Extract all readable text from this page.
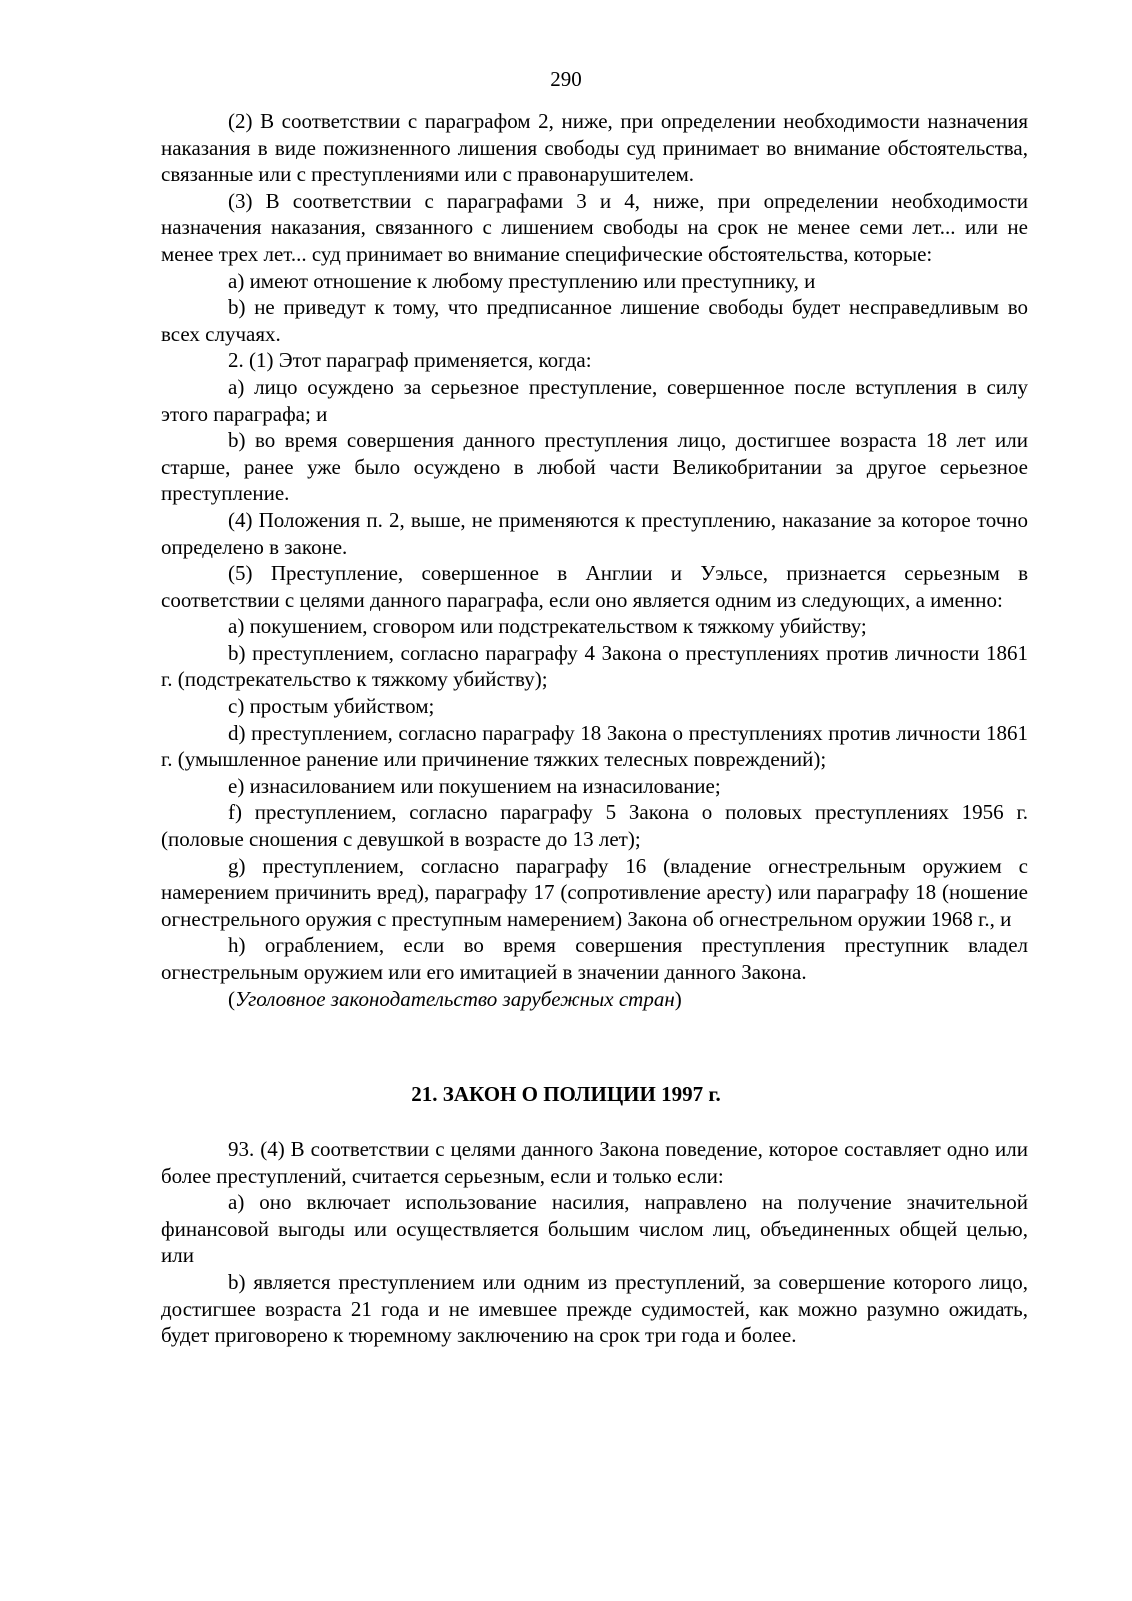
290

(2) В соответствии с параграфом 2, ниже, при определении необходимости назначения наказания в виде пожизненного лишения свободы суд принимает во внимание обстоятельства, связанные или с преступлениями или с правонарушителем.

(3) В соответствии с параграфами 3 и 4, ниже, при определении необходимости назначения наказания, связанного с лишением свободы на срок не менее семи лет... или не менее трех лет... суд принимает во внимание специфические обстоятельства, которые:

a) имеют отношение к любому преступлению или преступнику, и

b) не приведут к тому, что предписанное лишение свободы будет несправедливым во всех случаях.

2. (1) Этот параграф применяется, когда:

a) лицо осуждено за серьезное преступление, совершенное после вступления в силу этого параграфа; и

b) во время совершения данного преступления лицо, достигшее возраста 18 лет или старше, ранее уже было осуждено в любой части Великобритании за другое серьезное преступление.

(4) Положения п. 2, выше, не применяются к преступлению, наказание за которое точно определено в законе.

(5) Преступление, совершенное в Англии и Уэльсе, признается серьезным в соответствии с целями данного параграфа, если оно является одним из следующих, а именно:

a) покушением, сговором или подстрекательством к тяжкому убийству;

b) преступлением, согласно параграфу 4 Закона о преступлениях против личности 1861 г. (подстрекательство к тяжкому убийству);

c) простым убийством;

d) преступлением, согласно параграфу 18 Закона о преступлениях против личности 1861 г. (умышленное ранение или причинение тяжких телесных повреждений);

e) изнасилованием или покушением на изнасилование;

f) преступлением, согласно параграфу 5 Закона о половых преступлениях 1956 г. (половые сношения с девушкой в возрасте до 13 лет);

g) преступлением, согласно параграфу 16 (владение огнестрельным оружием с намерением причинить вред), параграфу 17 (сопротивление аресту) или параграфу 18 (ношение огнестрельного оружия с преступным намерением) Закона об огнестрельном оружии 1968 г., и

h) ограблением, если во время совершения преступления преступник владел огнестрельным оружием или его имитацией в значении данного Закона.

(Уголовное законодательство зарубежных стран)

21. ЗАКОН О ПОЛИЦИИ 1997 г.

93. (4) В соответствии с целями данного Закона поведение, которое составляет одно или более преступлений, считается серьезным, если и только если:

a) оно включает использование насилия, направлено на получение значительной финансовой выгоды или осуществляется большим числом лиц, объединенных общей целью, или

b) является преступлением или одним из преступлений, за совершение которого лицо, достигшее возраста 21 года и не имевшее прежде судимостей, как можно разумно ожидать, будет приговорено к тюремному заключению на срок три года и более.
